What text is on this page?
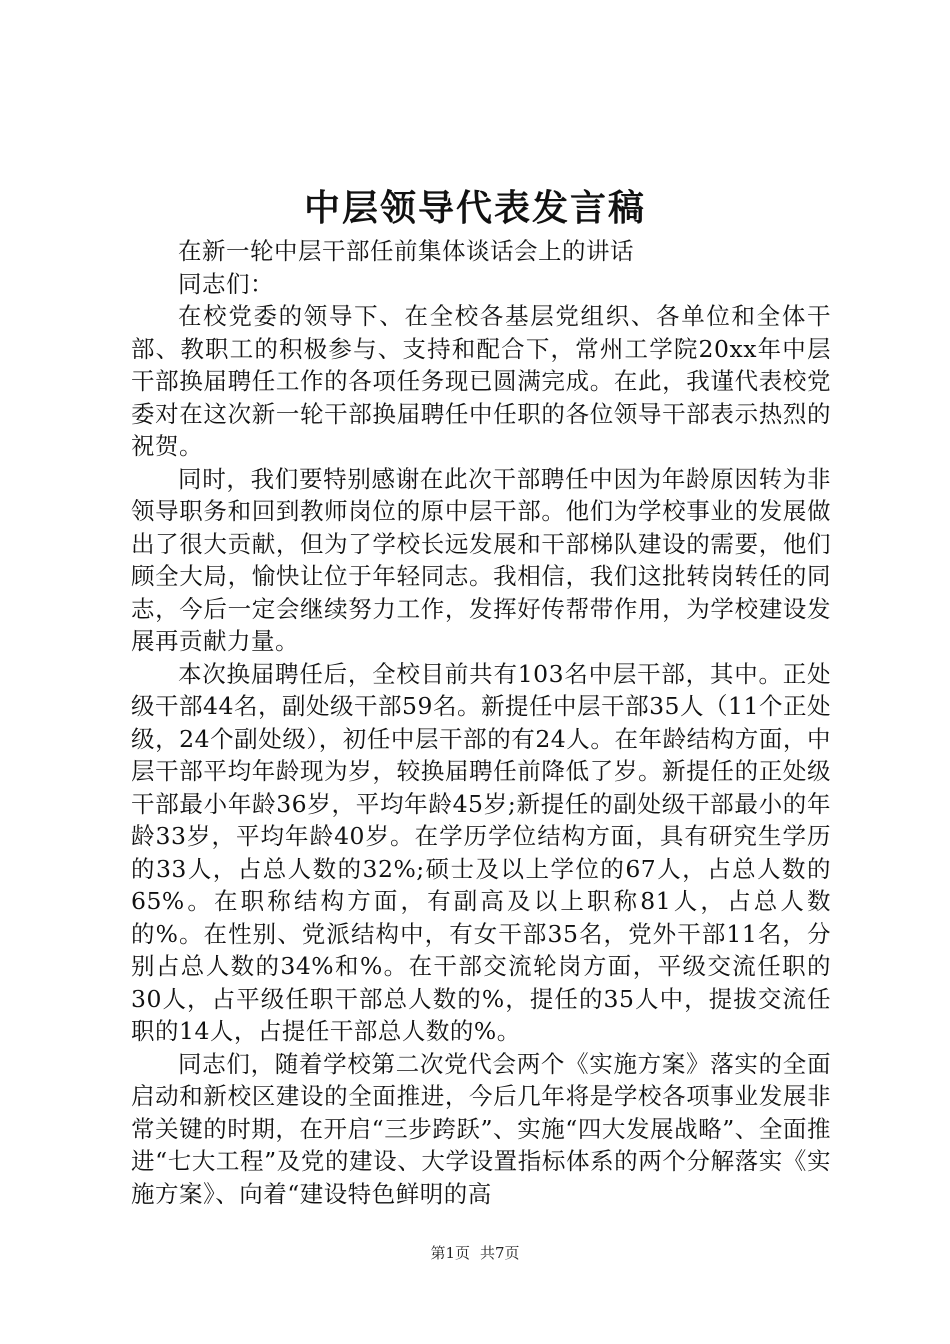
中层领导代表发言稿

在新一轮中层干部任前集体谈话会上的讲话

同志们：

在校党委的领导下、在全校各基层党组织、各单位和全体干部、教职工的积极参与、支持和配合下，常州工学院20xx年中层干部换届聘任工作的各项任务现已圆满完成。在此，我谨代表校党委对在这次新一轮干部换届聘任中任职的各位领导干部表示热烈的祝贺。

同时，我们要特别感谢在此次干部聘任中因为年龄原因转为非领导职务和回到教师岗位的原中层干部。他们为学校事业的发展做出了很大贡献，但为了学校长远发展和干部梯队建设的需要，他们顾全大局，愉快让位于年轻同志。我相信，我们这批转岗转任的同志，今后一定会继续努力工作，发挥好传帮带作用，为学校建设发展再贡献力量。

本次换届聘任后，全校目前共有103名中层干部，其中。正处级干部44名，副处级干部59名。新提任中层干部35人（11个正处级，24个副处级），初任中层干部的有24人。在年龄结构方面，中层干部平均年龄现为岁，较换届聘任前降低了岁。新提任的正处级干部最小年龄36岁，平均年龄45岁;新提任的副处级干部最小的年龄33岁，平均年龄40岁。在学历学位结构方面，具有研究生学历的33人，占总人数的32%;硕士及以上学位的67人，占总人数的65%。在职称结构方面，有副高及以上职称81人，占总人数的%。在性别、党派结构中，有女干部35名，党外干部11名，分别占总人数的34%和%。在干部交流轮岗方面，平级交流任职的30人，占平级任职干部总人数的%，提任的35人中，提拔交流任职的14人，占提任干部总人数的%。

同志们，随着学校第二次党代会两个《实施方案》落实的全面启动和新校区建设的全面推进，今后几年将是学校各项事业发展非常关键的时期，在开启“三步跨跃”、实施“四大发展战略”、全面推进“七大工程”及党的建设、大学设置指标体系的两个分解落实《实施方案》、向着“建设特色鲜明的高

第1页 共7页
